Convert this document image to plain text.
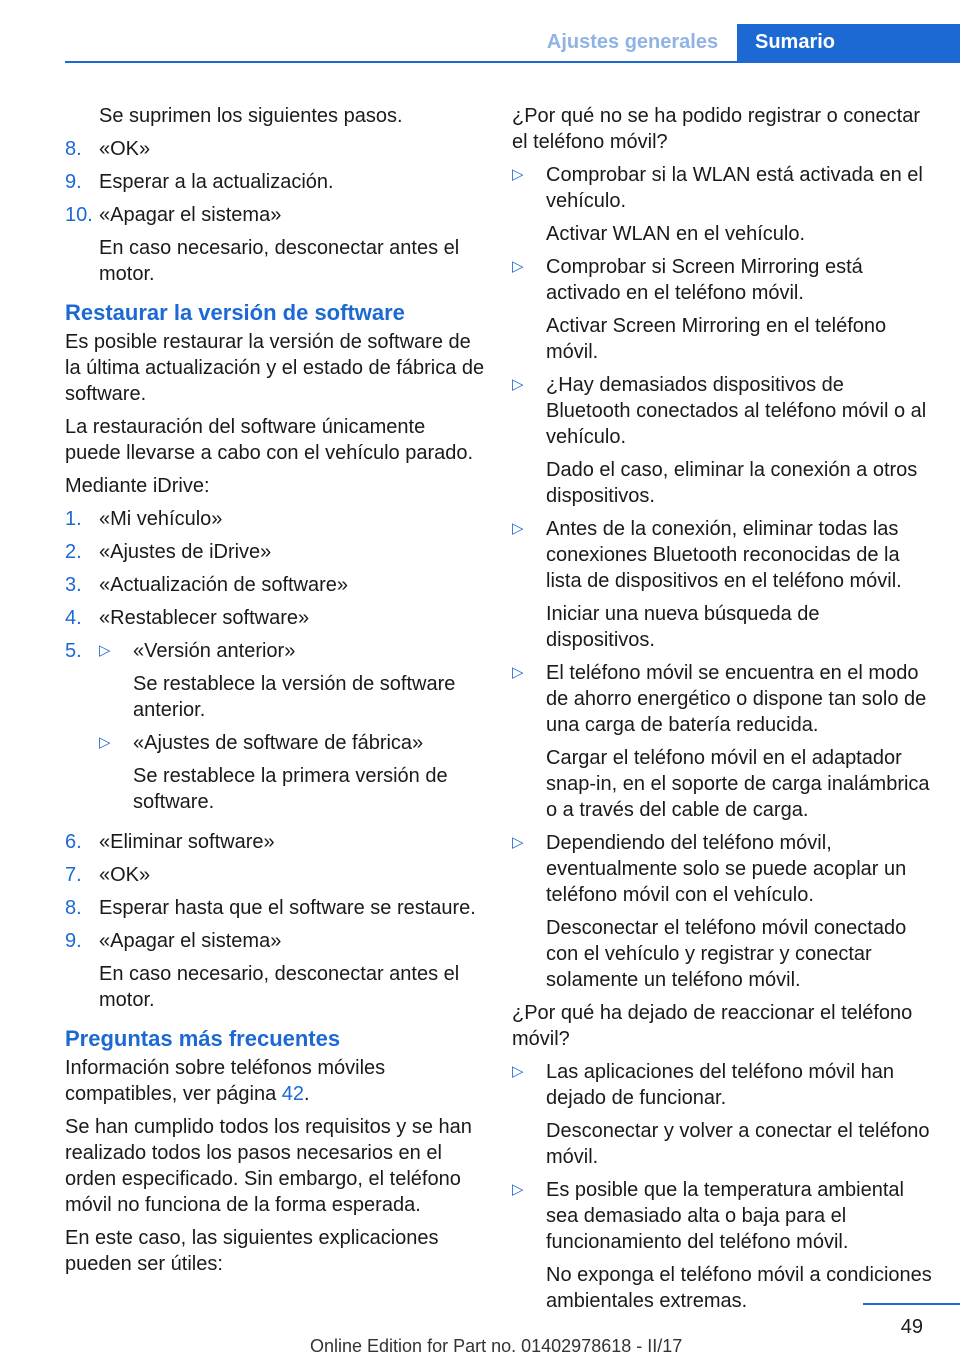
Ajustes generales	Sumario
Se suprimen los siguientes pasos.
8. «OK»
9. Esperar a la actualización.
10. «Apagar el sistema»
En caso necesario, desconectar antes el motor.
Restaurar la versión de software

Es posible restaurar la versión de software de la última actualización y el estado de fábrica de software.

La restauración del software únicamente puede llevarse a cabo con el vehículo parado.

Mediante iDrive:

1. «Mi vehículo»
2. «Ajustes de iDrive»
3. «Actualización de software»
4. «Restablecer software»
5.	▷	«Versión anterior»
Se restablece la versión de software anterior.
▷	«Ajustes de software de fábrica»
Se restablece la primera versión de software.
6. «Eliminar software»
7. «OK»
8. Esperar hasta que el software se restaure.
9. «Apagar el sistema»
En caso necesario, desconectar antes el motor.
Preguntas más frecuentes

Información sobre teléfonos móviles compatibles, ver página 42.

Se han cumplido todos los requisitos y se han realizado todos los pasos necesarios en el orden especificado. Sin embargo, el teléfono móvil no funciona de la forma esperada.

En este caso, las siguientes explicaciones pueden ser útiles:

¿Por qué no se ha podido registrar o conectar el teléfono móvil?

▷	Comprobar si la WLAN está activada en el vehículo.
Activar WLAN en el vehículo.
▷	Comprobar si Screen Mirroring está activado en el teléfono móvil.
Activar Screen Mirroring en el teléfono móvil.
▷	¿Hay demasiados dispositivos de Bluetooth conectados al teléfono móvil o al vehículo.
Dado el caso, eliminar la conexión a otros dispositivos.
▷	Antes de la conexión, eliminar todas las conexiones Bluetooth reconocidas de la lista de dispositivos en el teléfono móvil.
Iniciar una nueva búsqueda de dispositivos.
▷	El teléfono móvil se encuentra en el modo de ahorro energético o dispone tan solo de una carga de batería reducida.
Cargar el teléfono móvil en el adaptador snap-in, en el soporte de carga inalámbrica o a través del cable de carga.
▷	Dependiendo del teléfono móvil, eventualmente solo se puede acoplar un teléfono móvil con el vehículo.
Desconectar el teléfono móvil conectado con el vehículo y registrar y conectar solamente un teléfono móvil.

¿Por qué ha dejado de reaccionar el teléfono móvil?

▷	Las aplicaciones del teléfono móvil han dejado de funcionar.
Desconectar y volver a conectar el teléfono móvil.
▷	Es posible que la temperatura ambiental sea demasiado alta o baja para el funcionamiento del teléfono móvil.
No exponga el teléfono móvil a condiciones ambientales extremas.
49
Online Edition for Part no. 01402978618 - II/17
